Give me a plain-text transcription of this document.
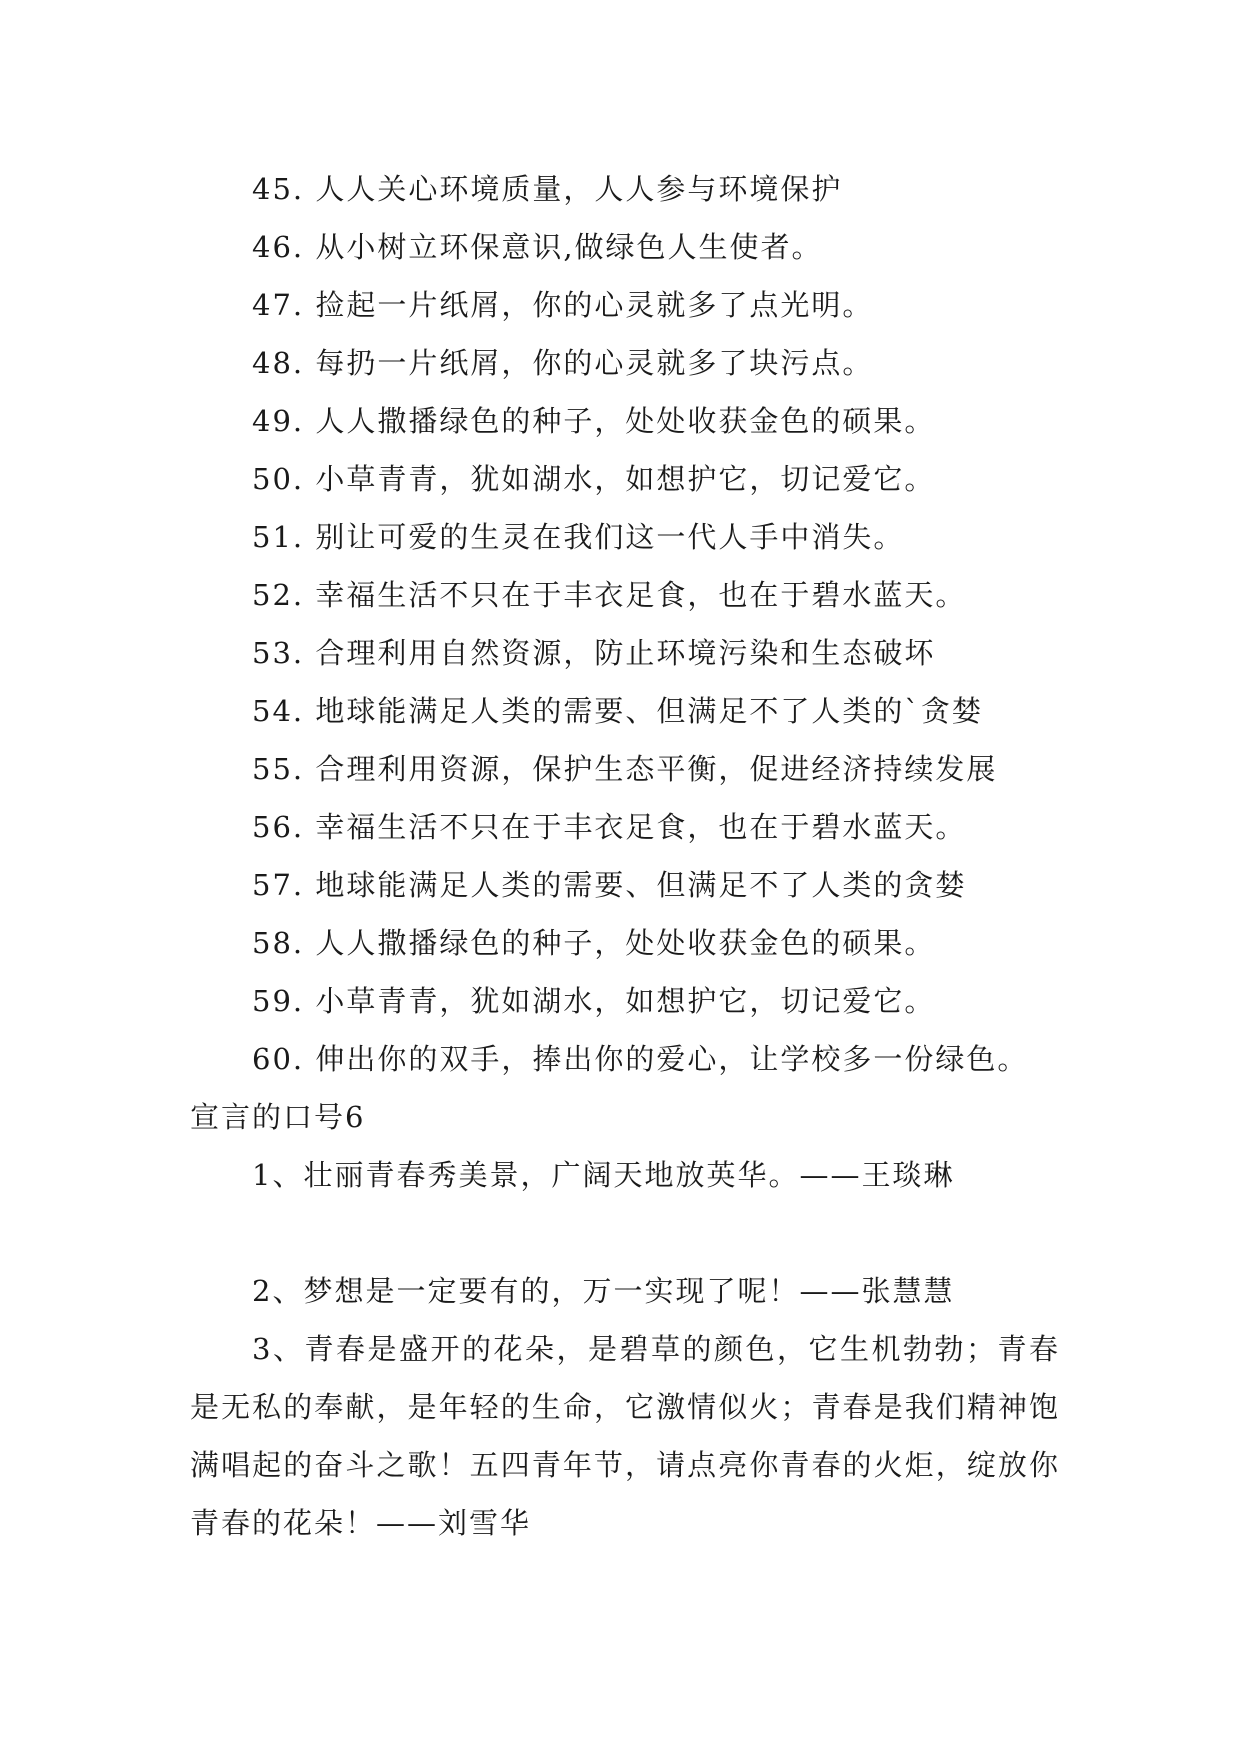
45. 人人关心环境质量，人人参与环境保护
46. 从小树立环保意识,做绿色人生使者。
47. 捡起一片纸屑，你的心灵就多了点光明。
48. 每扔一片纸屑，你的心灵就多了块污点。
49. 人人撒播绿色的种子，处处收获金色的硕果。
50. 小草青青，犹如湖水，如想护它，切记爱它。
51. 别让可爱的生灵在我们这一代人手中消失。
52. 幸福生活不只在于丰衣足食，也在于碧水蓝天。
53. 合理利用自然资源，防止环境污染和生态破坏
54. 地球能满足人类的需要、但满足不了人类的`贪婪
55. 合理利用资源，保护生态平衡，促进经济持续发展
56. 幸福生活不只在于丰衣足食，也在于碧水蓝天。
57. 地球能满足人类的需要、但满足不了人类的贪婪
58. 人人撒播绿色的种子，处处收获金色的硕果。
59. 小草青青，犹如湖水，如想护它，切记爱它。
60. 伸出你的双手，捧出你的爱心，让学校多一份绿色。
宣言的口号6
1、壮丽青春秀美景，广阔天地放英华。——王琰琳
2、梦想是一定要有的，万一实现了呢！——张慧慧
3、青春是盛开的花朵，是碧草的颜色，它生机勃勃；青春是无私的奉献，是年轻的生命，它激情似火；青春是我们精神饱满唱起的奋斗之歌！五四青年节，请点亮你青春的火炬，绽放你青春的花朵！——刘雪华
